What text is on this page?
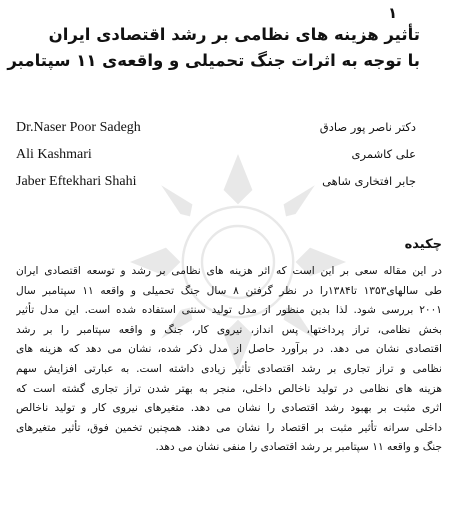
۱
تأثیر هزینه های نظامی بر رشد اقتصادی ایران
با توجه به اثرات جنگ تحمیلی و واقعه‌ی ۱۱ سپتامبر
Dr.Naser Poor Sadegh	دکتر ناصر پور صادق
Ali Kashmari	علی کاشمری
Jaber Eftekhari Shahi	جابر افتخاری شاهی
چکیده
در این مقاله سعی بر این است که اثر هزینه های نظامی بر رشد و توسعه اقتصادی ایران
طی سالهای۱۳۵۳ تا۱۳۸۴را در نظر گرفتن ۸ سال جنگ تحمیلی و واقعه ۱۱ سپتامبر سال
۲۰۰۱ بررسی شود. لذا بدین منظور از مدل تولید سنتی استفاده شده است. این مدل تأثیر
بخش نظامی، تراز پرداختها، پس انداز، نیروی کار، جنگ و واقعه سپتامبر را بر رشد
اقتصادی نشان می دهد. در برآورد حاصل از مدل ذکر شده، نشان می دهد که هزینه های
نظامی و تراز تجاری بر رشد اقتصادی تأثیر زیادی داشته است. به عبارتی افزایش سهم
هزینه های نظامی در تولید ناخالص داخلی، منجر به بهتر شدن تراز تجاری گشته است که
اثری مثبت بر بهبود رشد اقتصادی را نشان می دهد. متغیرهای نیروی کار و تولید ناخالص
داخلی سرانه تأثیر مثبت بر اقتصاد را نشان می دهند. همچنین تخمین فوق، تأثیر متغیرهای
جنگ و واقعه ۱۱ سپتامبر بر رشد اقتصادی را منفی نشان می دهد.
